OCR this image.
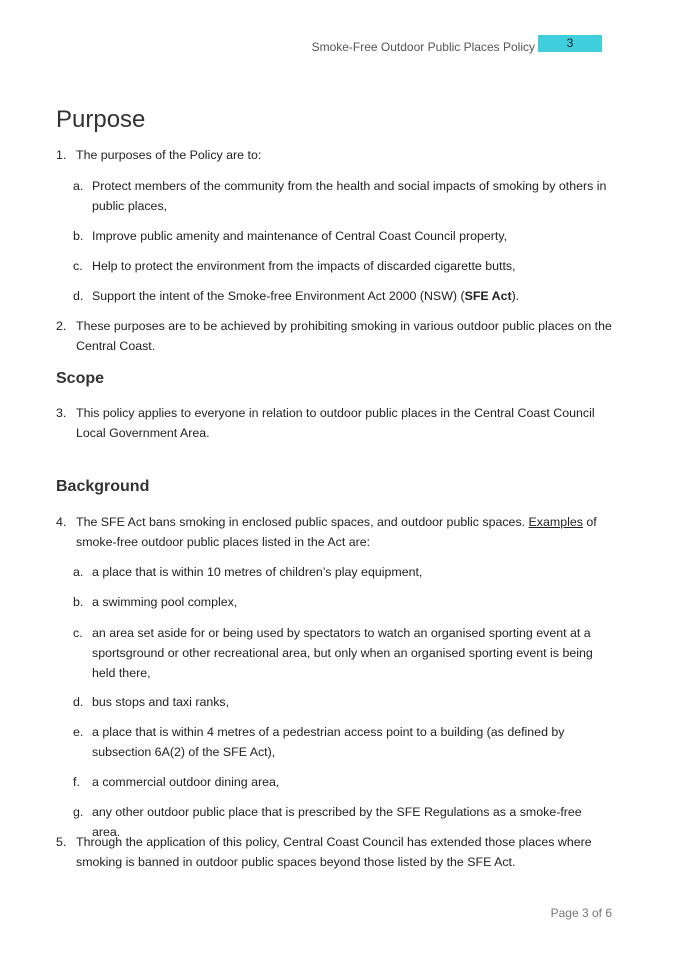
Smoke-Free Outdoor Public Places Policy	3
Purpose
1. The purposes of the Policy are to:
a. Protect members of the community from the health and social impacts of smoking by others in public places,
b. Improve public amenity and maintenance of Central Coast Council property,
c. Help to protect the environment from the impacts of discarded cigarette butts,
d. Support the intent of the Smoke-free Environment Act 2000 (NSW) (SFE Act).
2. These purposes are to be achieved by prohibiting smoking in various outdoor public places on the Central Coast.
Scope
3. This policy applies to everyone in relation to outdoor public places in the Central Coast Council Local Government Area.
Background
4. The SFE Act bans smoking in enclosed public spaces, and outdoor public spaces. Examples of smoke-free outdoor public places listed in the Act are:
a. a place that is within 10 metres of children’s play equipment,
b. a swimming pool complex,
c. an area set aside for or being used by spectators to watch an organised sporting event at a sportsground or other recreational area, but only when an organised sporting event is being held there,
d. bus stops and taxi ranks,
e. a place that is within 4 metres of a pedestrian access point to a building (as defined by subsection 6A(2) of the SFE Act),
f. a commercial outdoor dining area,
g. any other outdoor public place that is prescribed by the SFE Regulations as a smoke-free area.
5. Through the application of this policy, Central Coast Council has extended those places where smoking is banned in outdoor public spaces beyond those listed by the SFE Act.
Page 3 of 6
